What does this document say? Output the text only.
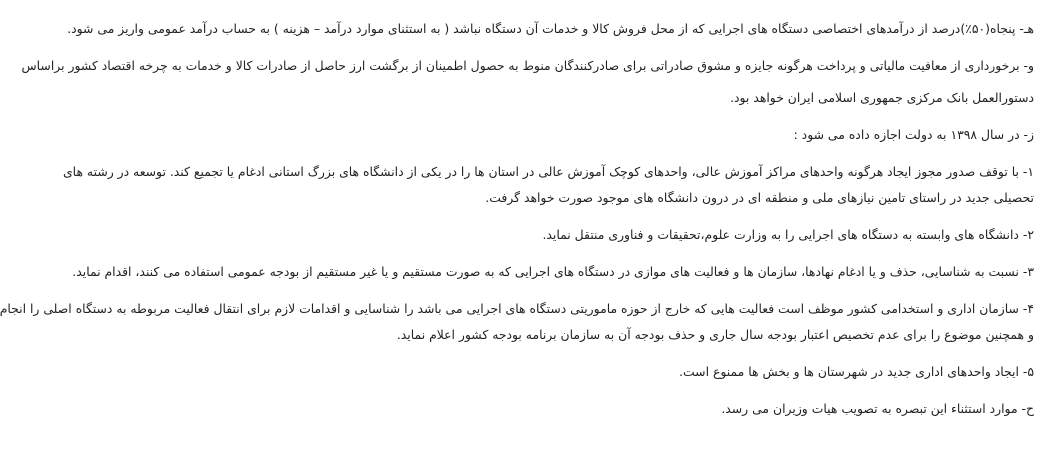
هـ- پنجاه(۵۰٪)درصد از درآمدهای اختصاصی دستگاه های اجرایی که از محل فروش کالا و خدمات آن دستگاه نباشد ( به استثنای موارد درآمد – هزینه ) به حساب درآمد عمومی واریز می شود.
و- برخورداری از معافیت مالیاتی و پرداخت هرگونه جایزه و مشوق صادراتی برای صادرکنندگان منوط به حصول اطمینان از برگشت ارز حاصل از صادرات کالا و خدمات به چرخه اقتصاد کشور براساس
دستورالعمل بانک مرکزی جمهوری اسلامی ایران خواهد بود.
ز- در سال ۱۳۹۸ به دولت اجازه داده می شود :
۱- با توقف صدور مجوز ایجاد هرگونه واحدهای مراکز آموزش عالی، واحدهای کوچک آموزش عالی در استان ها را در یکی از دانشگاه های بزرگ استانی ادغام یا تجمیع کند. توسعه در رشته های
تحصیلی جدید در راستای تامین نیازهای ملی و منطقه ای در درون دانشگاه های موجود صورت خواهد گرفت.
۲- دانشگاه های وابسته به دستگاه های اجرایی را به وزارت علوم،تحقیقات و فناوری منتقل نماید.
۳- نسبت به شناسایی، حذف و یا ادغام نهادها، سازمان ها و فعالیت های موازی در دستگاه های اجرایی که به صورت مستقیم و یا غیر مستقیم از بودجه عمومی استفاده می کنند، اقدام نماید.
۴- سازمان اداری و استخدامی کشور موظف است فعالیت هایی که خارج از حوزه ماموریتی دستگاه های اجرایی می باشد را شناسایی و اقدامات لازم برای انتقال فعالیت مربوطه به دستگاه اصلی را انجام
و همچنین موضوع را برای عدم تخصیص اعتبار بودجه سال جاری و حذف بودجه آن به سازمان برنامه بودجه کشور اعلام نماید.
۵- ایجاد واحدهای اداری جدید در شهرستان ها و بخش ها ممنوع است.
ح- موارد استثناء این تبصره به تصویب هیات وزیران می رسد.
